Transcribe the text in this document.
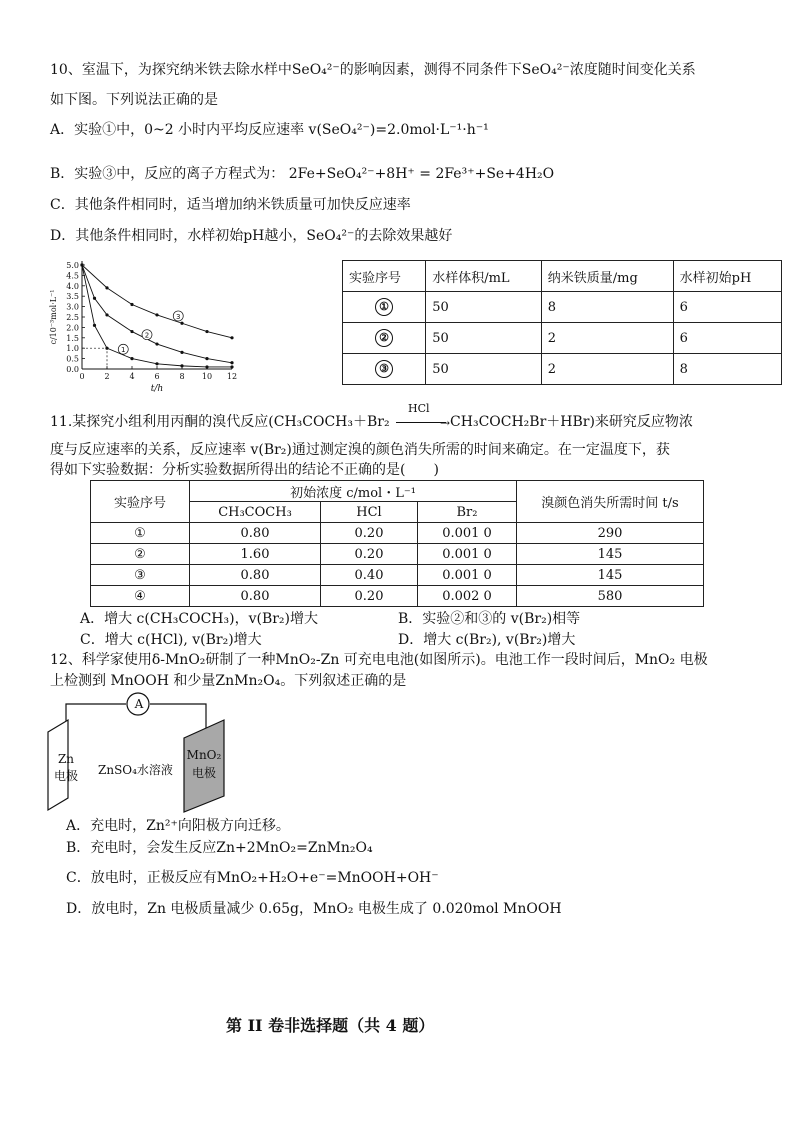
10、室温下，为探究纳米铁去除水样中SeO₄²⁻的影响因素，测得不同条件下SeO₄²⁻浓度随时间变化关系
如下图。下列说法正确的是
A．实验①中，0~2 小时内平均反应速率 v(SeO₄²⁻)=2.0mol·L⁻¹·h⁻¹
B．实验③中，反应的离子方程式为： 2Fe+SeO₄²⁻+8H⁺ = 2Fe³⁺+Se+4H₂O
C．其他条件相同时，适当增加纳米铁质量可加快反应速率
D．其他条件相同时，水样初始pH越小，SeO₄²⁻的去除效果越好
0.0
0.5
1.0
1.5
2.0
2.5
3.0
3.5
4.0
4.5
5.0
0 2 4 6 8 10 12
1
2
3
t/h
c/10⁻³mol·L⁻¹
实验序号	水样体积/mL	纳米铁质量/mg	水样初始pH
①	50	8	6
②	50	2	6
③	50	2	8
11.某探究小组利用丙酮的溴代反应(CH₃COCH₃＋Br₂
HCl
→ CH₃COCH₂Br＋HBr)来研究反应物浓
度与反应速率的关系，反应速率 v(Br₂)通过测定溴的颜色消失所需的时间来确定。在一定温度下，获
得如下实验数据：分析实验数据所得出的结论不正确的是(　　)
实验序号	初始浓度 c/mol・L⁻¹			溴颜色消失所需时间 t/s
	CH₃COCH₃	HCl	Br₂	
①	0.80	0.20	0.001 0	290
②	1.60	0.20	0.001 0	145
③	0.80	0.40	0.001 0	145
④	0.80	0.20	0.002 0	580
A．增大 c(CH₃COCH₃)，v(Br₂)增大	B．实验②和③的 v(Br₂)相等
C．增大 c(HCl), v(Br₂)增大	D．增大 c(Br₂), v(Br₂)增大
12、科学家使用δ-MnO₂研制了一种MnO₂-Zn 可充电电池(如图所示)。电池工作一段时间后，MnO₂ 电极
上检测到 MnOOH 和少量ZnMn₂O₄。下列叙述正确的是
A
Zn
电极 ZnSO₄水溶液
MnO₂
电极
A．充电时，Zn²⁺向阳极方向迁移。
B．充电时，会发生反应Zn+2MnO₂=ZnMn₂O₄
C．放电时，正极反应有MnO₂+H₂O+e⁻=MnOOH+OH⁻
D．放电时，Zn 电极质量减少 0.65g，MnO₂ 电极生成了 0.020mol MnOOH
第 II 卷非选择题（共 4 题）
